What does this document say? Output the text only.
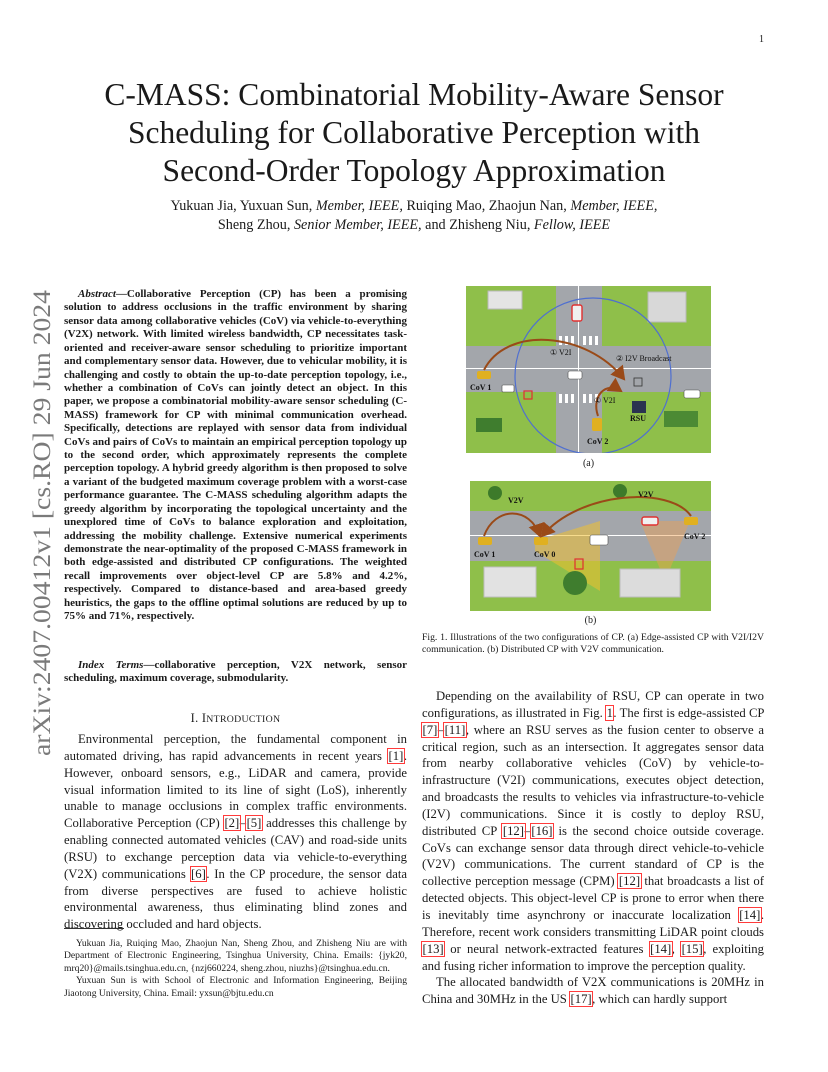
1
arXiv:2407.00412v1 [cs.RO] 29 Jun 2024
C-MASS: Combinatorial Mobility-Aware Sensor
Scheduling for Collaborative Perception with
Second-Order Topology Approximation
Yukuan Jia, Yuxuan Sun, Member, IEEE, Ruiqing Mao, Zhaojun Nan, Member, IEEE,
Sheng Zhou, Senior Member, IEEE, and Zhisheng Niu, Fellow, IEEE
Abstract—Collaborative Perception (CP) has been a promising solution to address occlusions in the traffic environment by sharing sensor data among collaborative vehicles (CoV) via vehicle-to-everything (V2X) network. With limited wireless bandwidth, CP necessitates task-oriented and receiver-aware sensor scheduling to prioritize important and complementary sensor data. However, due to vehicular mobility, it is challenging and costly to obtain the up-to-date perception topology, i.e., whether a combination of CoVs can jointly detect an object. In this paper, we propose a combinatorial mobility-aware sensor scheduling (C-MASS) framework for CP with minimal communication overhead. Specifically, detections are replayed with sensor data from individual CoVs and pairs of CoVs to maintain an empirical perception topology up to the second order, which approximately represents the complete perception topology. A hybrid greedy algorithm is then proposed to solve a variant of the budgeted maximum coverage problem with a worst-case performance guarantee. The C-MASS scheduling algorithm adapts the greedy algorithm by incorporating the topological uncertainty and the unexplored time of CoVs to balance exploration and exploitation, addressing the mobility challenge. Extensive numerical experiments demonstrate the near-optimality of the proposed C-MASS framework in both edge-assisted and distributed CP configurations. The weighted recall improvements over object-level CP are 5.8% and 4.2%, respectively. Compared to distance-based and area-based greedy heuristics, the gaps to the offline optimal solutions are reduced by up to 75% and 71%, respectively.
Index Terms—collaborative perception, V2X network, sensor scheduling, maximum coverage, submodularity.
I. INTRODUCTION
Environmental perception, the fundamental component in automated driving, has rapid advancements in recent years [1]. However, onboard sensors, e.g., LiDAR and camera, provide visual information limited to its line of sight (LoS), inherently unable to manage occlusions in complex traffic environments. Collaborative Perception (CP) [2]–[5] addresses this challenge by enabling connected automated vehicles (CAV) and road-side units (RSU) to exchange perception data via vehicle-to-everything (V2X) communications [6]. In the CP procedure, the sensor data from diverse perspectives are fused to achieve holistic environmental awareness, thus eliminating blind zones and discovering occluded and hard objects.

Yukuan Jia, Ruiqing Mao, Zhaojun Nan, Sheng Zhou, and Zhisheng Niu are with Department of Electronic Engineering, Tsinghua University, China. Emails: {jyk20, mrq20}@mails.tsinghua.edu.cn, {nzj660224, sheng.zhou, niuzhs}@tsinghua.edu.cn.

Yuxuan Sun is with School of Electronic and Information Engineering, Beijing Jiaotong University, China. Email: yxsun@bjtu.edu.cn

① V2I
② I2V Broadcast
① V2I
CoV 1
CoV 2
RSU
(a)
V2V
V2V
CoV 1	CoV 0
CoV 2
(b)
Fig. 1. Illustrations of the two configurations of CP. (a) Edge-assisted CP with V2I/I2V communication. (b) Distributed CP with V2V communication.

Depending on the availability of RSU, CP can operate in two configurations, as illustrated in Fig. 1. The first is edge-assisted CP [7]–[11], where an RSU serves as the fusion center to observe a critical region, such as an intersection. It aggregates sensor data from nearby collaborative vehicles (CoV) by vehicle-to-infrastructure (V2I) communications, executes object detection, and broadcasts the results to vehicles via infrastructure-to-vehicle (I2V) communications. Since it is costly to deploy RSU, distributed CP [12]–[16] is the second choice outside coverage. CoVs can exchange sensor data through direct vehicle-to-vehicle (V2V) communications. The current standard of CP is the collective perception message (CPM) [12] that broadcasts a list of detected objects. This object-level CP is prone to error when there is inevitably time asynchrony or inaccurate localization [14]. Therefore, recent work considers transmitting LiDAR point clouds [13] or neural network-extracted features [14], [15], exploiting and fusing richer information to improve the perception quality.

The allocated bandwidth of V2X communications is 20MHz in China and 30MHz in the US [17], which can hardly support
